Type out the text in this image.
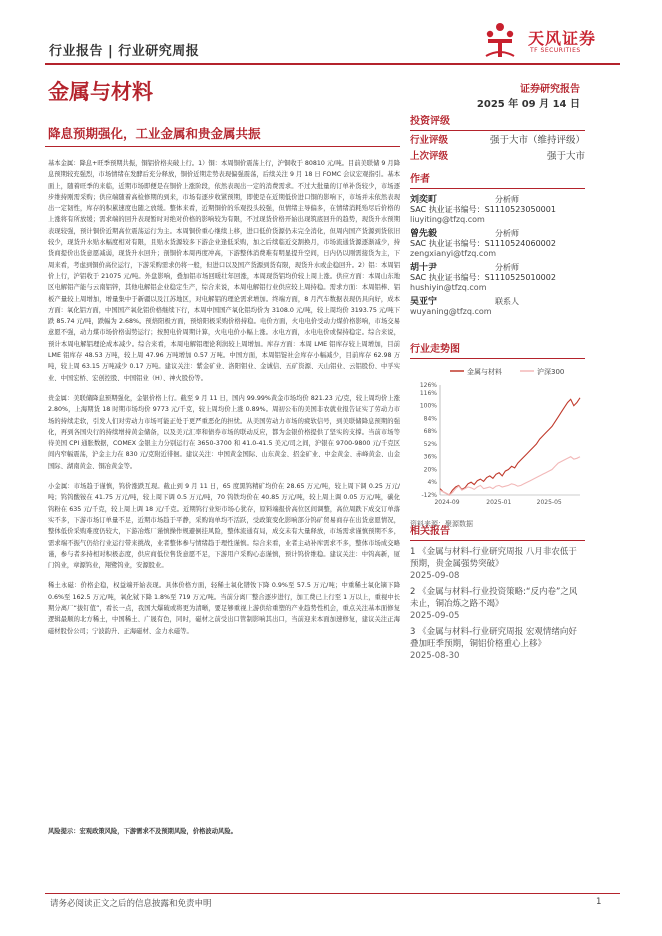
行业报告 | 行业研究周报
天风证券
TF SECURITIES
金属与材料	证券研究报告
2025 年 09 月 14 日
降息预期强化，工业金属和贵金属共振

基本金属：降息+旺季预期共振，铜铝价格夹破上行。1）铜：本周铜价震荡上行，沪铜收于 80810 元/吨。目前美联储 9 月降息预期较充强烈，市场情绪在发酵后充分释放，铜价近期走势表现偏强震荡，后续关注 9 月 18 日 FOMC 会议宏观指引。基本面上，随着旺季的来临，近期市场即便是在铜价上涨阶段，依然表现出一定的消费需求。不过大批量的订单补货较少，市场逐步维持刚需采购；供应端随着高检修期的到来，市场有逐步收紧预期，即使是在近期低价进口铜的影响下，市场并未依然表现出一定韧性，库存的积累速度也随之放缓。整体来看，近期铜价的乐观投头较强，但情绪主导偏多，在情绪消耗殆尽后价格的上涨将有所放缓；需求端的回升表现暂时对绝对价格的影响较为有限，不过现货价格开始出现筑底回升的趋势，现货升水预期表现较强，预计铜价近期高位震荡运行为主。本周铜价重心继续上移，进口低价货源仍未完全消化，但周内国产货源到货依旧较少，现货升水贴水幅度相对有限，且贴水货源较多下游企业逢低采购，加之后续临近交割换月，市场流通货源逐渐减少，持货商提价出货意愿减弱，现货升水回升；剖铜价本周再度冲高，下游整体消费难有明显提升空间，日内仍以刚需接货为主，下周来看，考虑到铜价高位运行，下游采购需求仍将一般，但进口以及国产货源到货有限，现货升水或企稳回升。2）铝：本周铝价上行，沪铝收于 21075 元/吨。外盘影响，叠加铝市场回暖壮年回涨，本周现货铝均价较上周上涨。供应方面：本周山东地区电解铝产能与云南铝锌，其他电解铝企业稳定生产，综合来说，本周电解铝行业供应较上周持稳。需求方面：本周铝棒、铝板产量较上周增加，增量集中于新疆以及江苏地区，对电解铝的理论需求增加。终端方面，8 月汽车数据表现仍具向好，成本方面：氧化铝方面，中国国产氧化铝价格继续下行，本周中国国产氧化铝均价为 3108.0 元/吨，较上周均价 3193.75 元/吨下跌 85.74 元/吨，跌幅为 2.68%。预焙阳极方面，预焙阳极采购价格持稳。电价方面，火电电价受动力煤价格影响，市场交易意愿不强，动力煤市场价格弱势运行；按照电价周期计算，火电电价小幅上涨。水电方面，水电电价或保持稳定。综合来说，预计本周电解铝理论成本减少。综合来看，本周电解铝理论利润较上周增加。库存方面：本周 LME 铝库存较上周增加，目前 LME 铝库存 48.53 万吨，较上周 47.96 万吨增加 0.57 万吨。中国方面，本周铝锭社会库存小幅减少，目前库存 62.98 万吨，较上周 63.15 万吨减少 0.17 万吨。建议关注：紫金矿业、洛阳钼业、金诚信、五矿资源、天山铝业、云铝股份、中孚实业、中国宏桥、宏创控股、中国铝业（H）、神火股份等。

贵金属：美联储降息预期强化，金银价格上行。截至 9 月 11 日，国内 99.99%黄金市场均价 821.23 元/克，较上周均价上涨 2.80%，上海期货 18 时期市场均价 9773 元/千克，较上周均价上涨 0.89%。周初公布的美国非农就业报告证实了劳动力市场的持续走软，引发人们对劳动力市场可能正处于更严重恶化的担忧。从美国劳动力市场的疲软信号，到美联储降息预期的强化，再到各国央行的持续增持黄金储备，以及美元汇率和债券市场的联动反应，都为金银价格提供了坚实的支撑。当前市场等待美国 CPI 通胀数据，COMEX 金银主力分别运行在 3650-3700 和 41.0-41.5 美元/司之间，沪银在 9700-9800 元/千克区间内窄幅震荡，沪金主力在 830 元/克附近徘徊。建议关注：中国黄金国际、山东黄金、招金矿业、中金黄金、赤峰黄金、山金国际、湖南黄金、铜冶黄金等。

小金属：市场趋于谨慎，钨价涨跌互现。截止到 9 月 11 日，65 度黑钨精矿均价在 28.65 万元/吨，较上周下调 0.25 万元/吨；钨钨酸铵在 41.75 万元/吨，较上周下调 0.5 万元/吨，70 钨铁均价在 40.85 万元/吨，较上周上调 0.05 万元/吨，碳化钨粉在 635 元/千克，较上周上调 18 元/千克。近期钨行业矩市场心犹存，原料端报价高位区间调整，高位周跌下成交订单落实不多，下游市场订单量不足，近期市场趋于平静，采购询单均不活跃，受政策变化影响部分钨矿贸易商存在出货意愿情况，整体低价采购难度仍较大，下游冶炼厂谨慎操作规避倒挂风险，整体流通有局，成交未有大量释放，市场需求谨慎预期不多，需求端不振气仍给行业运行带来挑战，业者整体参与情绪趋于理性谨慎。综合来看，业者主动补库需求不多，整体市场成交略谨，参与者多持相对积极态度，供应商低位售货意愿不足，下游用户采购心态谨慎，预计钨价维稳。建议关注：中钨高新，厦门钨业，章源钨业，翔鹭钨业，安源股业。

稀土永磁：价格企稳，权益端开始表现。具体价格方面，轻稀土氧化镨钕下降 0.9%至 57.5 万元/吨；中重稀土氧化镝下降 0.6%至 162.5 万元/吨，氧化铽下降 1.8%至 719 万元/吨。当前分离厂整合逐步进行，加工费已上行至 1 万以上，重视中长期分离厂“拔钉值”，看长一点，我国大爆破或将更为清晰，要足够重视上游供给重塑的产业趋势性机会，重点关注基本面修复逻辑最顺的北方稀土，中国稀土、广晟有色，同时，磁材之前受出口管制影响其出口，当前迎来本面加速修复，建议关注正海磁材股份公司；宁波韵升、正海磁材、金力永磁等。

风险提示：宏观政策风险，下游需求不及预期风险，价格波动风险。
投资评级
行业评级	强于大市（维持评级）
上次评级	强于大市
作者
刘奕町	分析师
SAC 执业证书编号：S1110523050001
liuyiting@tfzq.com
曾先毅	分析师
SAC 执业证书编号：S1110524060002
zengxianyi@tfzq.com
胡十尹	分析师
SAC 执业证书编号：S1110525010002
hushiyin@tfzq.com
吴亚宁	联系人
wuyaning@tfzq.com
行业走势图
金属与材料	沪深300
-12%
4%
20%
36%
52%
68%
84%
100%
116%
126%
2024-09	2025-01	2025-05
资料来源：聚源数据
相关报告
1 《金属与材料-行业研究周报 八月非农低于预期，贵金属强势突破》
2025-09-08
2 《金属与材料-行业投资策略:“反内卷”之风未止，铜冶炼之路不竭》
2025-09-05
3 《金属与材料-行业研究周报 宏观情绪向好叠加旺季预期，铜铝价格重心上移》
2025-08-30
请务必阅读正文之后的信息披露和免责申明	1
